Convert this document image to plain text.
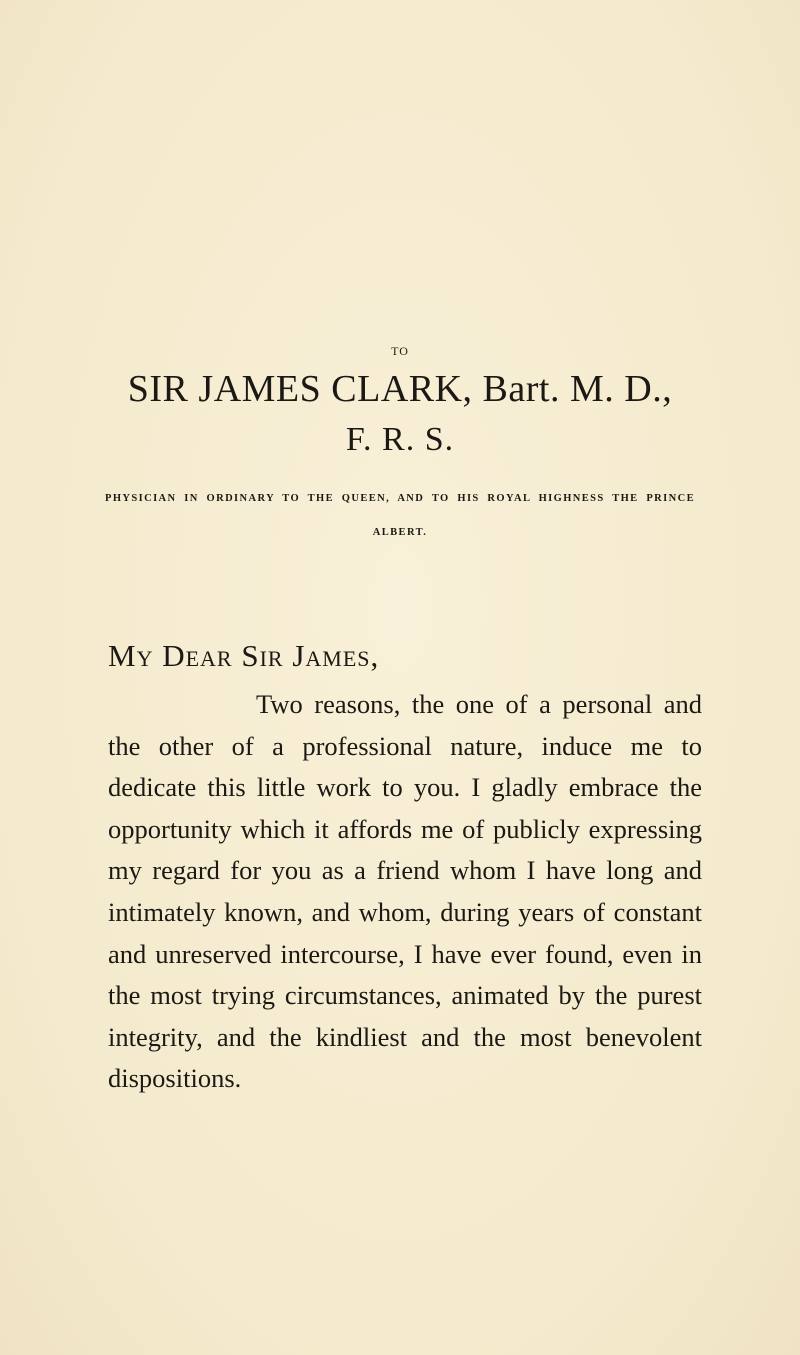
TO
SIR JAMES CLARK, Bart. M. D.,
F. R. S.
PHYSICIAN IN ORDINARY TO THE QUEEN, AND TO HIS ROYAL HIGHNESS THE PRINCE ALBERT.
My Dear Sir James,
Two reasons, the one of a personal and the other of a professional nature, induce me to dedicate this little work to you. I gladly embrace the opportunity which it affords me of publicly expressing my regard for you as a friend whom I have long and intimately known, and whom, during years of constant and unreserved intercourse, I have ever found, even in the most trying circumstances, animated by the purest integrity, and the kindliest and the most benevolent dispositions.
